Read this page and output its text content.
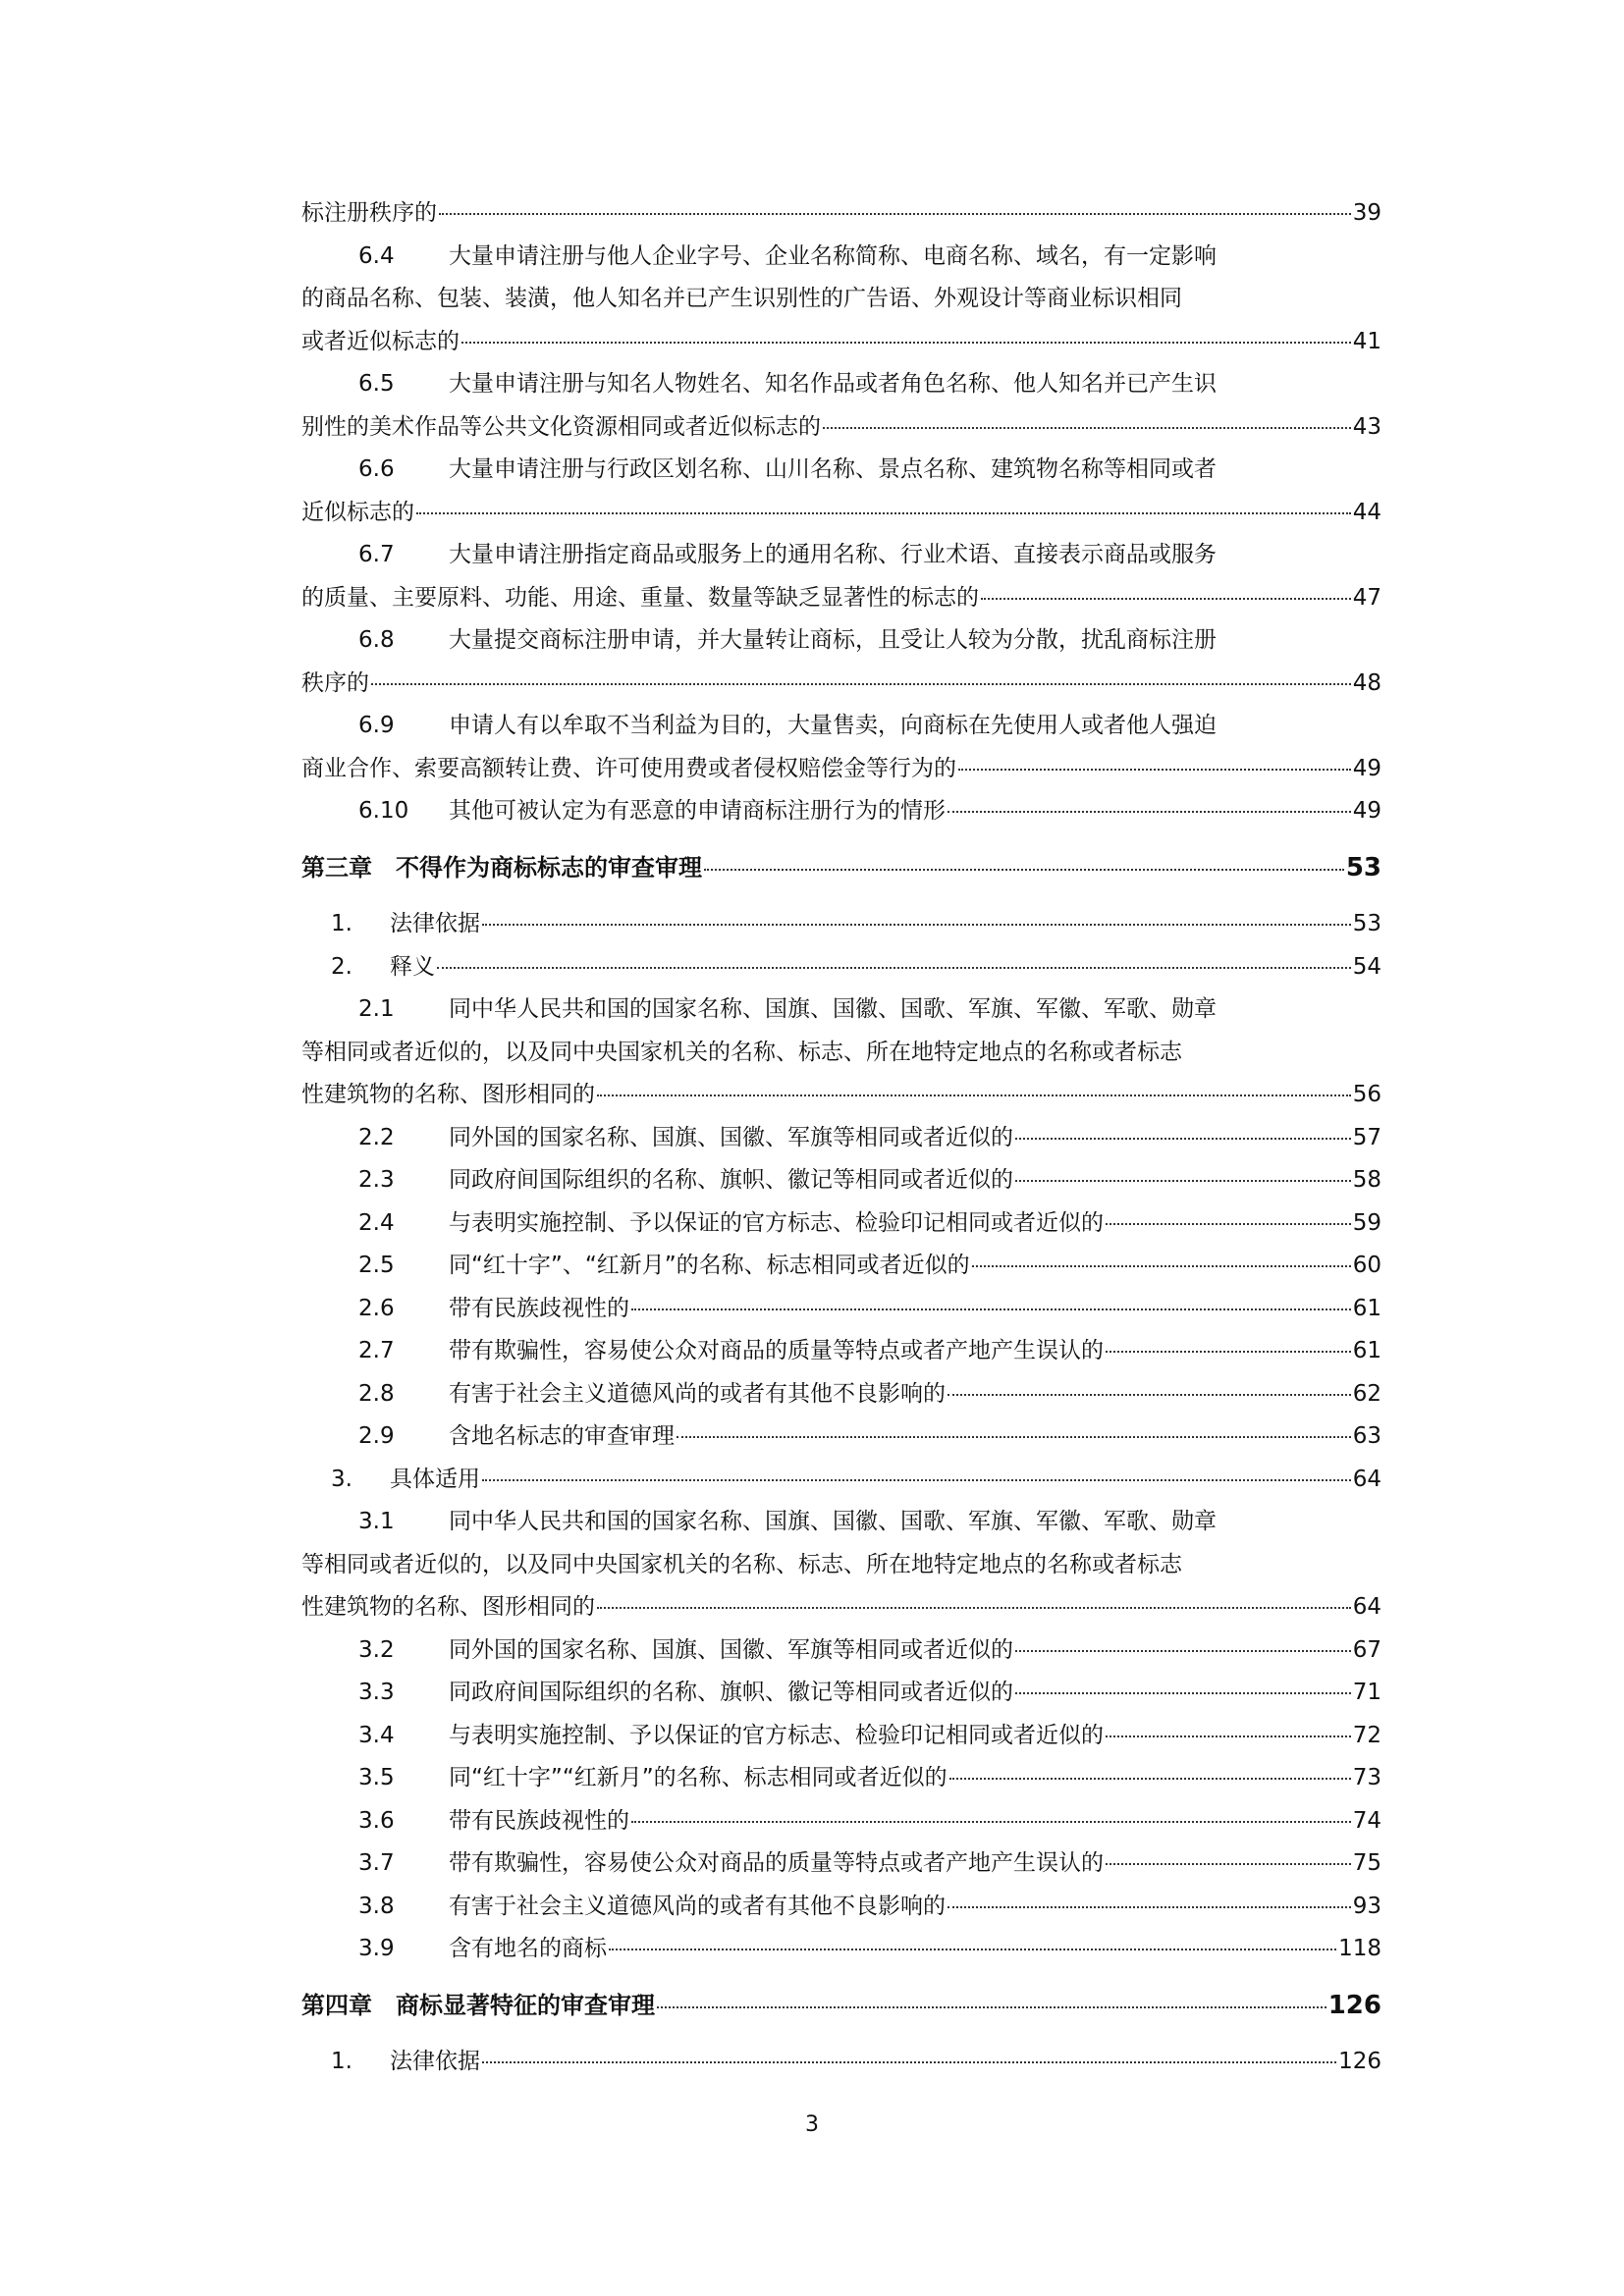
标注册秩序的	39
6.4	大量申请注册与他人企业字号、企业名称简称、电商名称、域名，有一定影响
的商品名称、包装、装潢，他人知名并已产生识别性的广告语、外观设计等商业标识相同
或者近似标志的	41
6.5	大量申请注册与知名人物姓名、知名作品或者角色名称、他人知名并已产生识
别性的美术作品等公共文化资源相同或者近似标志的	43
6.6	大量申请注册与行政区划名称、山川名称、景点名称、建筑物名称等相同或者
近似标志的	44
6.7	大量申请注册指定商品或服务上的通用名称、行业术语、直接表示商品或服务
的质量、主要原料、功能、用途、重量、数量等缺乏显著性的标志的	47
6.8	大量提交商标注册申请，并大量转让商标，且受让人较为分散，扰乱商标注册
秩序的	48
6.9	申请人有以牟取不当利益为目的，大量售卖，向商标在先使用人或者他人强迫
商业合作、索要高额转让费、许可使用费或者侵权赔偿金等行为的	49
6.10	其他可被认定为有恶意的申请商标注册行为的情形	49
第三章　不得作为商标标志的审查审理	53
1.	法律依据	53
2.	释义	54
2.1	同中华人民共和国的国家名称、国旗、国徽、国歌、军旗、军徽、军歌、勋章
等相同或者近似的，以及同中央国家机关的名称、标志、所在地特定地点的名称或者标志
性建筑物的名称、图形相同的	56
2.2	同外国的国家名称、国旗、国徽、军旗等相同或者近似的	57
2.3	同政府间国际组织的名称、旗帜、徽记等相同或者近似的	58
2.4	与表明实施控制、予以保证的官方标志、检验印记相同或者近似的	59
2.5	同“红十字”、“红新月”的名称、标志相同或者近似的	60
2.6	带有民族歧视性的	61
2.7	带有欺骗性，容易使公众对商品的质量等特点或者产地产生误认的	61
2.8	有害于社会主义道德风尚的或者有其他不良影响的	62
2.9	含地名标志的审查审理	63
3.	具体适用	64
3.1	同中华人民共和国的国家名称、国旗、国徽、国歌、军旗、军徽、军歌、勋章
等相同或者近似的，以及同中央国家机关的名称、标志、所在地特定地点的名称或者标志
性建筑物的名称、图形相同的	64
3.2	同外国的国家名称、国旗、国徽、军旗等相同或者近似的	67
3.3	同政府间国际组织的名称、旗帜、徽记等相同或者近似的	71
3.4	与表明实施控制、予以保证的官方标志、检验印记相同或者近似的	72
3.5	同“红十字”“红新月”的名称、标志相同或者近似的	73
3.6	带有民族歧视性的	74
3.7	带有欺骗性，容易使公众对商品的质量等特点或者产地产生误认的	75
3.8	有害于社会主义道德风尚的或者有其他不良影响的	93
3.9	含有地名的商标	118
第四章　商标显著特征的审查审理	126
1.	法律依据	126
3
